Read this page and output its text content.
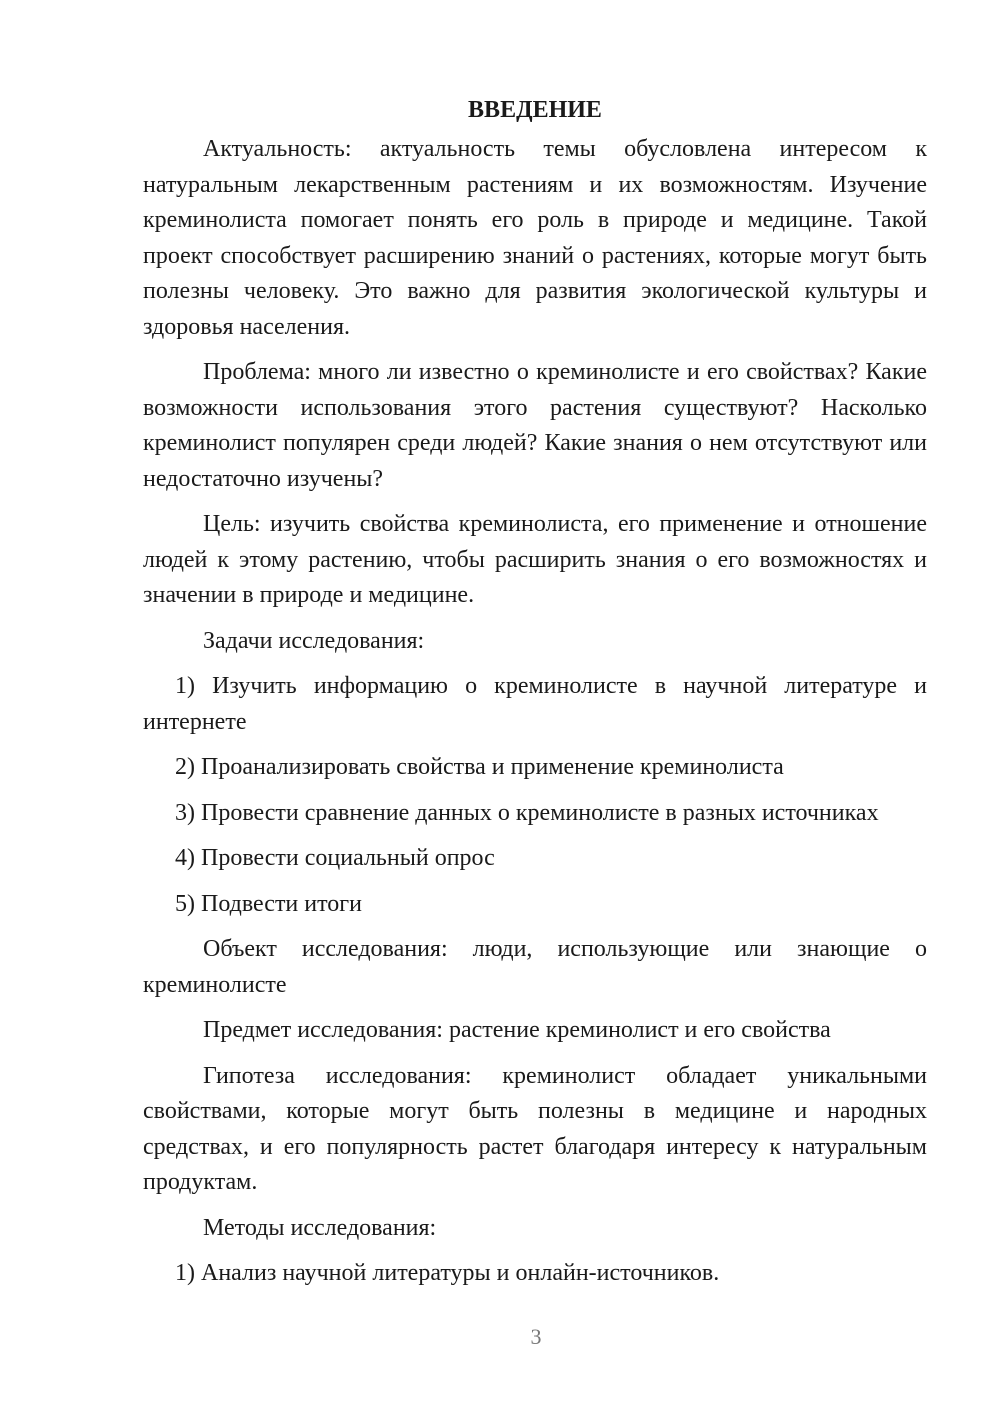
ВВЕДЕНИЕ

Актуальность: актуальность темы обусловлена интересом к натуральным лекарственным растениям и их возможностям. Изучение креминолиста помогает понять его роль в природе и медицине. Такой проект способствует расширению знаний о растениях, которые могут быть полезны человеку. Это важно для развития экологической культуры и здоровья населения.

Проблема: много ли известно о креминолисте и его свойствах? Какие возможности использования этого растения существуют? Насколько креминолист популярен среди людей? Какие знания о нем отсутствуют или недостаточно изучены?

Цель: изучить свойства креминолиста, его применение и отношение людей к этому растению, чтобы расширить знания о его возможностях и значении в природе и медицине.

Задачи исследования:

1) Изучить информацию о креминолисте в научной литературе и интернете

2) Проанализировать свойства и применение креминолиста

3) Провести сравнение данных о креминолисте в разных источниках

4) Провести социальный опрос

5) Подвести итоги

Объект исследования: люди, использующие или знающие о креминолисте

Предмет исследования: растение креминолист и его свойства

Гипотеза исследования: креминолист обладает уникальными свойствами, которые могут быть полезны в медицине и народных средствах, и его популярность растет благодаря интересу к натуральным продуктам.

Методы исследования:

1) Анализ научной литературы и онлайн-источников.

3
